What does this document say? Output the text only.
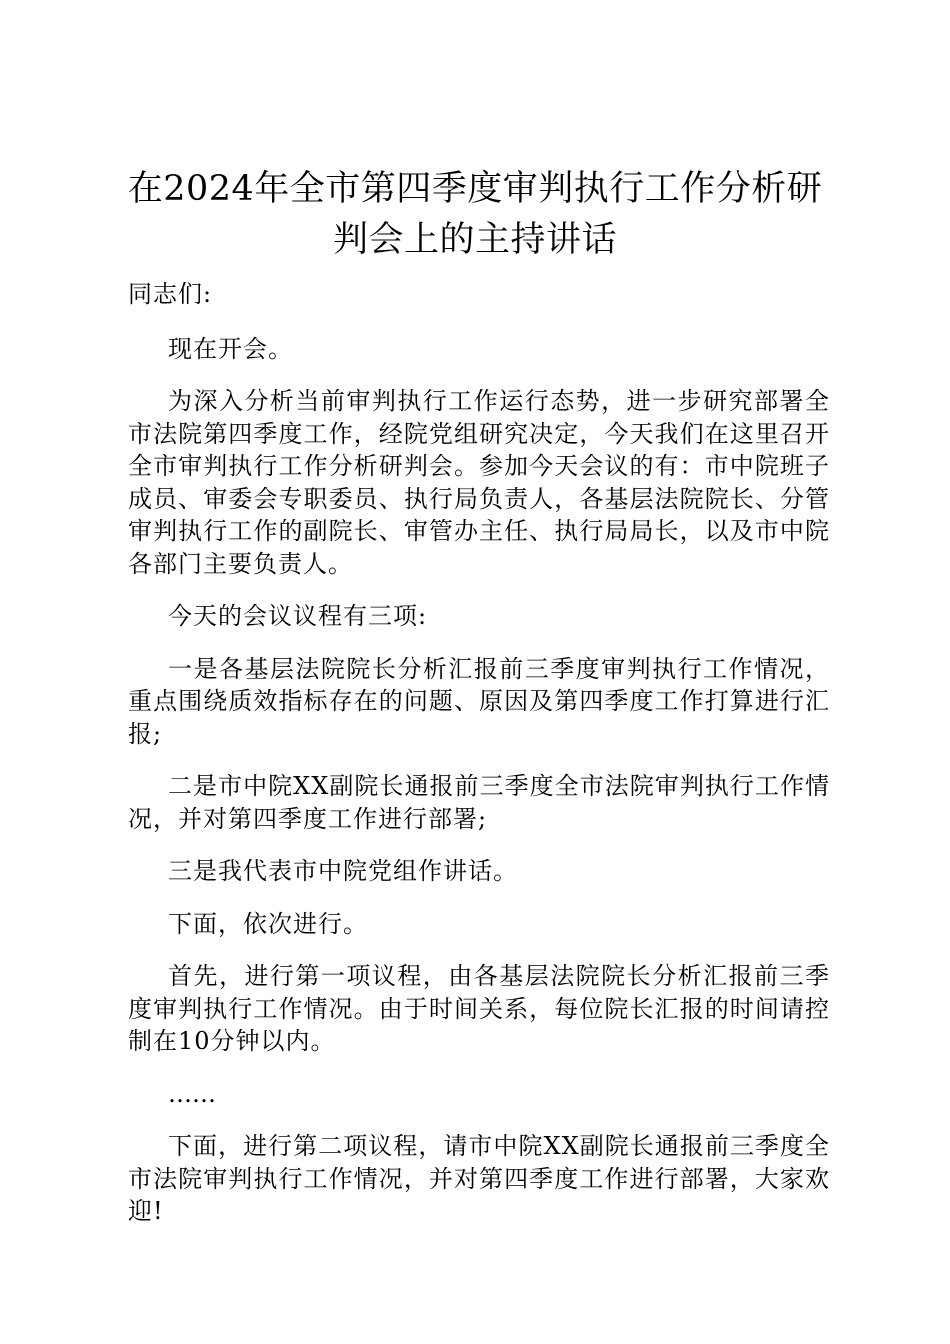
在2024年全市第四季度审判执行工作分析研
判会上的主持讲话

同志们:

现在开会。

为深入分析当前审判执行工作运行态势，进一步研究部署全市法院第四季度工作，经院党组研究决定，今天我们在这里召开全市审判执行工作分析研判会。参加今天会议的有：市中院班子成员、审委会专职委员、执行局负责人，各基层法院院长、分管审判执行工作的副院长、审管办主任、执行局局长，以及市中院各部门主要负责人。

今天的会议议程有三项:

一是各基层法院院长分析汇报前三季度审判执行工作情况，重点围绕质效指标存在的问题、原因及第四季度工作打算进行汇报;

二是市中院XX副院长通报前三季度全市法院审判执行工作情况，并对第四季度工作进行部署;

三是我代表市中院党组作讲话。

下面，依次进行。

首先，进行第一项议程，由各基层法院院长分析汇报前三季度审判执行工作情况。由于时间关系，每位院长汇报的时间请控制在10分钟以内。

……

下面，进行第二项议程，请市中院XX副院长通报前三季度全市法院审判执行工作情况，并对第四季度工作进行部署，大家欢迎!
